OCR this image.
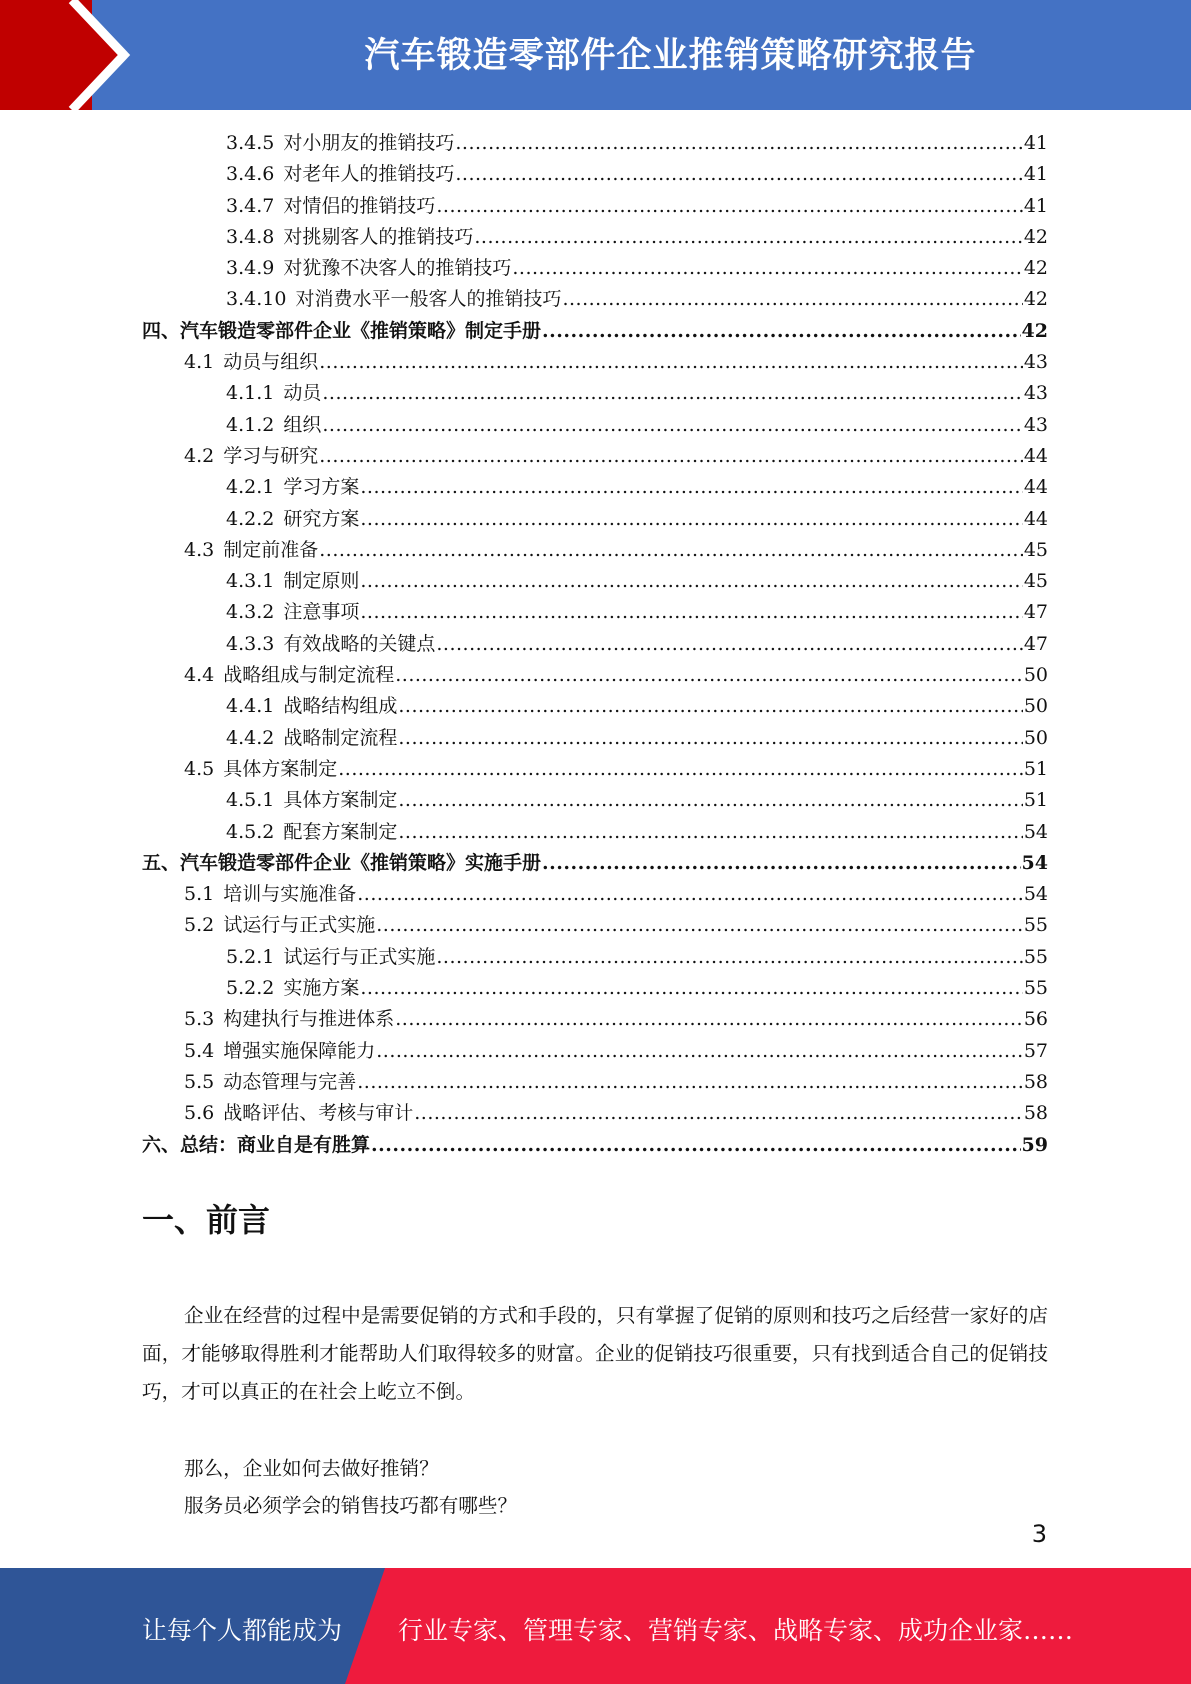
汽车锻造零部件企业推销策略研究报告
3.4.5 对小朋友的推销技巧 .....	41
3.4.6 对老年人的推销技巧 .....	41
3.4.7 对情侣的推销技巧 .....	41
3.4.8 对挑剔客人的推销技巧 .....	42
3.4.9 对犹豫不决客人的推销技巧 .....	42
3.4.10 对消费水平一般客人的推销技巧 .....	42
四、 汽车锻造零部件企业《推销策略》制定手册 .....	42
4.1 动员与组织 .....	43
4.1.1 动员 .....	43
4.1.2 组织 .....	43
4.2 学习与研究 .....	44
4.2.1 学习方案 .....	44
4.2.2 研究方案 .....	44
4.3 制定前准备 .....	45
4.3.1 制定原则 .....	45
4.3.2 注意事项 .....	47
4.3.3 有效战略的关键点 .....	47
4.4 战略组成与制定流程 .....	50
4.4.1 战略结构组成 .....	50
4.4.2 战略制定流程 .....	50
4.5 具体方案制定 .....	51
4.5.1 具体方案制定 .....	51
4.5.2 配套方案制定 .....	54
五、 汽车锻造零部件企业《推销策略》实施手册 .....	54
5.1 培训与实施准备 .....	54
5.2 试运行与正式实施 .....	55
5.2.1 试运行与正式实施 .....	55
5.2.2 实施方案 .....	55
5.3 构建执行与推进体系 .....	56
5.4 增强实施保障能力 .....	57
5.5 动态管理与完善 .....	58
5.6 战略评估、考核与审计 .....	58
六、 总结：商业自是有胜算 .....	59
一、前言
企业在经营的过程中是需要促销的方式和手段的，只有掌握了促销的原则和技巧之后经营一家好的店面，才能够取得胜利才能帮助人们取得较多的财富。企业的促销技巧很重要，只有找到适合自己的促销技巧，才可以真正的在社会上屹立不倒。
那么，企业如何去做好推销？
服务员必须学会的销售技巧都有哪些？
3
让每个人都能成为 行业专家、管理专家、营销专家、战略专家、成功企业家……
